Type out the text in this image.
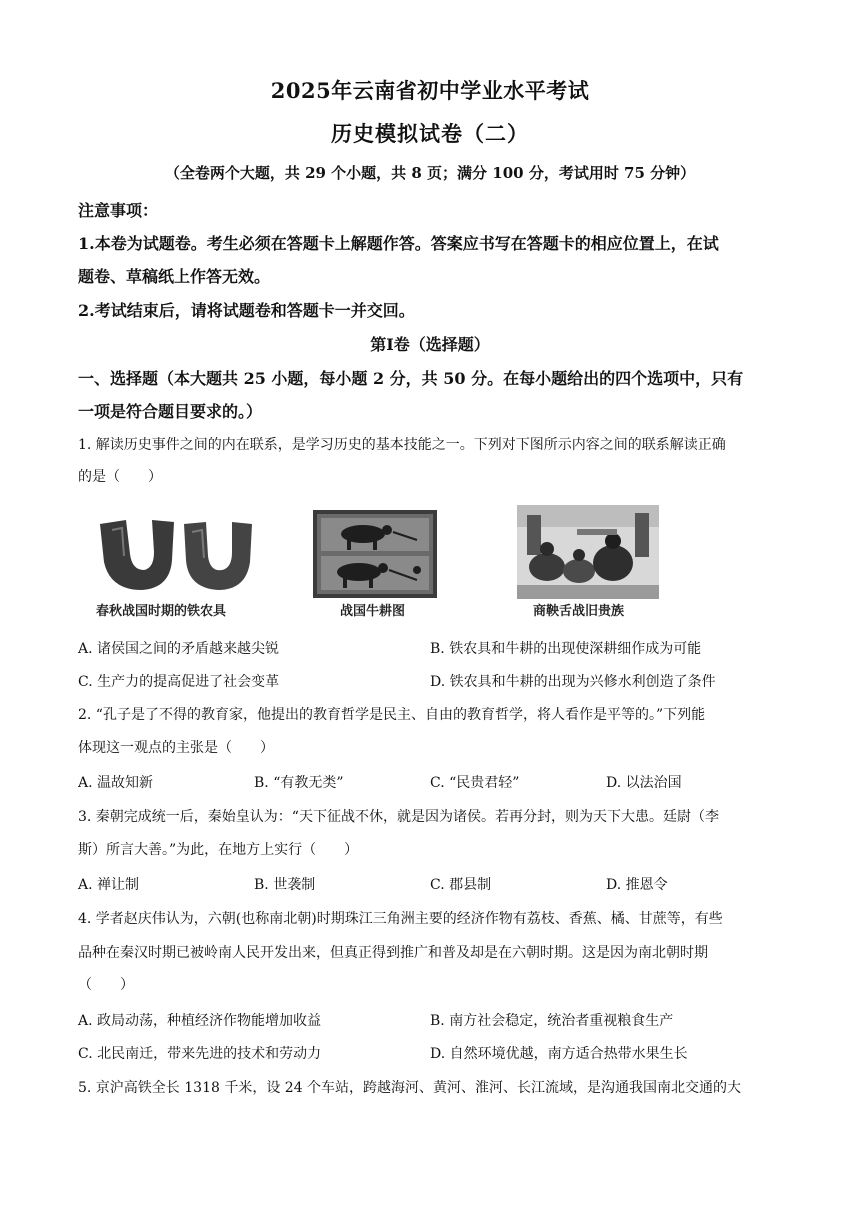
2025年云南省初中学业水平考试
历史模拟试卷（二）
（全卷两个大题，共 29 个小题，共 8 页；满分 100 分，考试用时 75 分钟）
注意事项：
1.本卷为试题卷。考生必须在答题卡上解题作答。答案应书写在答题卡的相应位置上，在试
题卷、草稿纸上作答无效。
2.考试结束后，请将试题卷和答题卡一并交回。
第Ⅰ卷（选择题）
一、选择题（本大题共 25 小题，每小题 2 分，共 50 分。在每小题给出的四个选项中，只有
一项是符合题目要求的。）
1. 解读历史事件之间的内在联系，是学习历史的基本技能之一。下列对下图所示内容之间的联系解读正确
的是（　　）
春秋战国时期的铁农具	战国牛耕图	商鞅舌战旧贵族
A. 诸侯国之间的矛盾越来越尖锐	B. 铁农具和牛耕的出现使深耕细作成为可能
C. 生产力的提高促进了社会变革	D. 铁农具和牛耕的出现为兴修水利创造了条件
2. “孔子是了不得的教育家，他提出的教育哲学是民主、自由的教育哲学，将人看作是平等的。”下列能
体现这一观点的主张是（　　）
A. 温故知新	B. “有教无类”	C. “民贵君轻”	D. 以法治国
3. 秦朝完成统一后，秦始皇认为：“天下征战不休，就是因为诸侯。若再分封，则为天下大患。廷尉（李
斯）所言大善。”为此，在地方上实行（　　）
A. 禅让制	B. 世袭制	C. 郡县制	D. 推恩令
4. 学者赵庆伟认为，六朝(也称南北朝)时期珠江三角洲主要的经济作物有荔枝、香蕉、橘、甘蔗等，有些
品种在秦汉时期已被岭南人民开发出来，但真正得到推广和普及却是在六朝时期。这是因为南北朝时期
（　　）
A. 政局动荡，种植经济作物能增加收益	B. 南方社会稳定，统治者重视粮食生产
C. 北民南迁，带来先进的技术和劳动力	D. 自然环境优越，南方适合热带水果生长
5. 京沪高铁全长 1318 千米，设 24 个车站，跨越海河、黄河、淮河、长江流域，是沟通我国南北交通的大
